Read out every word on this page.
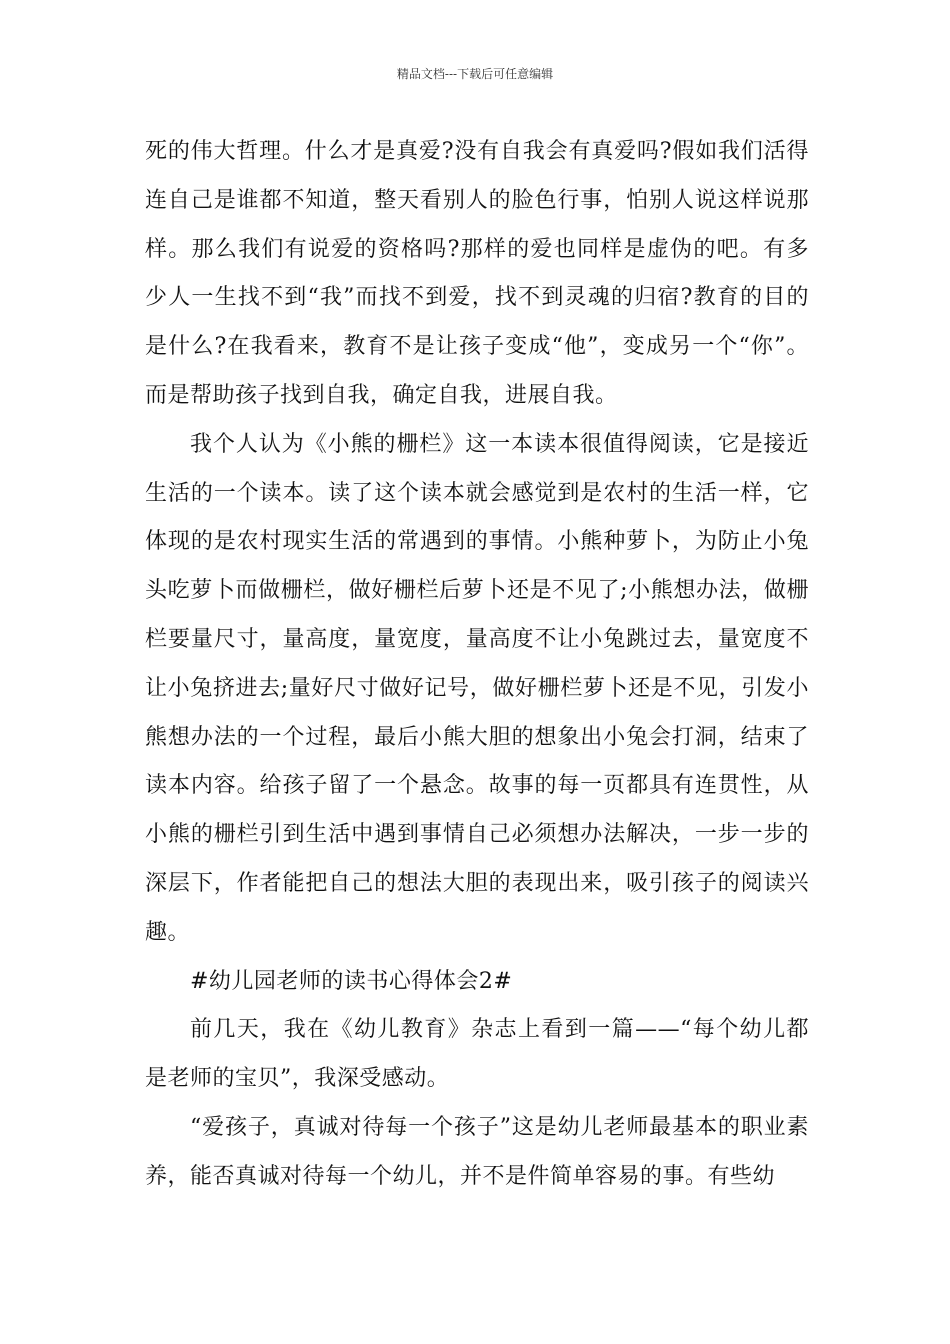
精品文档---下载后可任意编辑

死的伟大哲理。什么才是真爱?没有自我会有真爱吗?假如我们活得连自己是谁都不知道，整天看别人的脸色行事，怕别人说这样说那样。那么我们有说爱的资格吗?那样的爱也同样是虚伪的吧。有多少人一生找不到“我”而找不到爱，找不到灵魂的归宿?教育的目的是什么?在我看来，教育不是让孩子变成“他”，变成另一个“你”。而是帮助孩子找到自我，确定自我，进展自我。

我个人认为《小熊的栅栏》这一本读本很值得阅读，它是接近生活的一个读本。读了这个读本就会感觉到是农村的生活一样，它体现的是农村现实生活的常遇到的事情。小熊种萝卜，为防止小兔头吃萝卜而做栅栏，做好栅栏后萝卜还是不见了;小熊想办法，做栅栏要量尺寸，量高度，量宽度，量高度不让小兔跳过去，量宽度不让小兔挤进去;量好尺寸做好记号，做好栅栏萝卜还是不见，引发小熊想办法的一个过程，最后小熊大胆的想象出小兔会打洞，结束了读本内容。给孩子留了一个悬念。故事的每一页都具有连贯性，从小熊的栅栏引到生活中遇到事情自己必须想办法解决，一步一步的深层下，作者能把自己的想法大胆的表现出来，吸引孩子的阅读兴趣。

#幼儿园老师的读书心得体会2#

前几天，我在《幼儿教育》杂志上看到一篇——“每个幼儿都是老师的宝贝”，我深受感动。

“爱孩子，真诚对待每一个孩子”这是幼儿老师最基本的职业素养，能否真诚对待每一个幼儿，并不是件简单容易的事。有些幼
